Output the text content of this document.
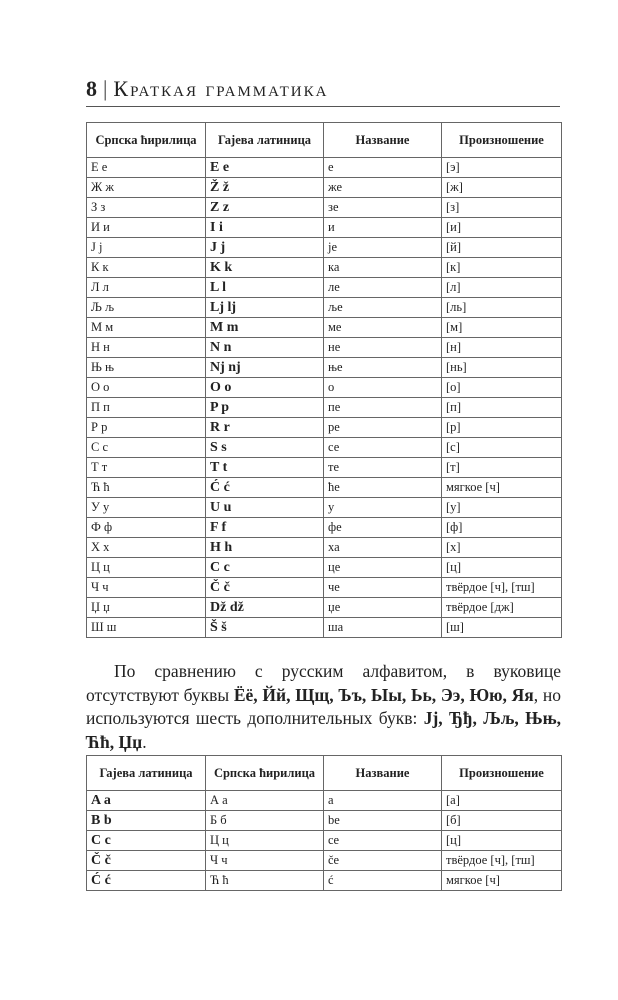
8 | Краткая грамматика
Српска ћирилица	Гајева латиница	Название	Произношение
Е е	E e	е	[э]
Ж ж	Ž ž	же	[ж]
З з	Z z	зе	[з]
И и	I i	и	[и]
Ј ј	J j	је	[й]
К к	K k	ка	[к]
Л л	L l	ле	[л]
Љ љ	Lj lj	ље	[ль]
М м	M m	ме	[м]
Н н	N n	не	[н]
Њ њ	Nj nj	ње	[нь]
О о	O o	о	[о]
П п	P p	пе	[п]
Р р	R r	ре	[р]
С с	S s	се	[с]
Т т	T t	те	[т]
Ћ ћ	Ć ć	ће	мягкое [ч]
У у	U u	у	[у]
Ф ф	F f	фе	[ф]
Х х	H h	ха	[х]
Ц ц	C c	це	[ц]
Ч ч	Č č	че	твёрдое [ч], [тш]
Џ џ	Dž dž	џе	твёрдое [дж]
Ш ш	Š š	ша	[ш]
По сравнению с русским алфавитом, в вуковице отсутствуют буквы Ёё, Йй, Щщ, Ъъ, Ыы, Ьь, Ээ, Юю, Яя, но используются шесть дополнительных букв: Јј, Ђђ, Љљ, Њњ, Ћћ, Џџ.
Гајева латиница	Српска ћирилица	Название	Произношение
A a	А а	a	[а]
B b	Б б	be	[б]
C c	Ц ц	ce	[ц]
Č č	Ч ч	če	твёрдое [ч], [тш]
Ć ć	Ћ ћ	ć	мягкое [ч]
